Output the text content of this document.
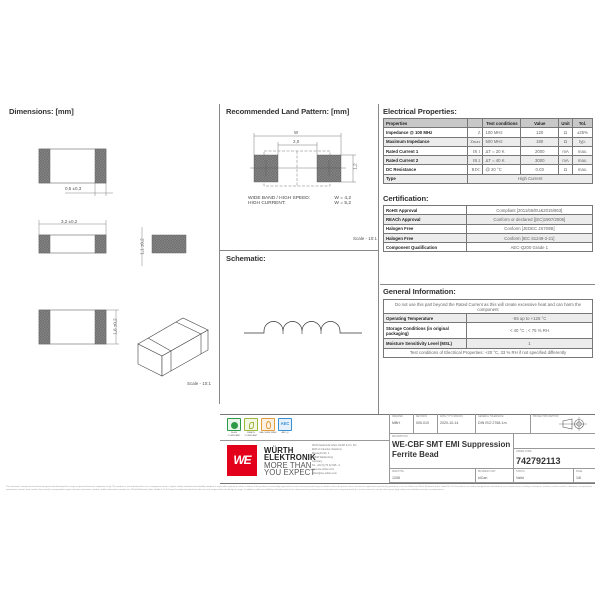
Dimensions: [mm]
0,5 ±0,3
3,2 ±0,2
1,1 ±0,2
1,6 ±0,2
Scale - 10:1
Recommended Land Pattern: [mm]
W
2,0
1,2
WIDE BAND / HIGH SPEED:	W = 4,2
HIGH CURRENT:	W = 5,2
Scale - 10:1
Schematic:
Electrical Properties:
Properties		Test conditions	Value	Unit	Tol.
Impedance @ 100 MHz	Z	100 MHz	120	Ω	±25%
Maximum Impedance	Zmax	500 MHz	180	Ω	typ.
Rated Current 1	IR 1	ΔT = 20 K	2000	mA	max.
Rated Current 2	IR 2	ΔT = 40 K	3000	mA	max.
DC Resistance	RDC	@ 20 °C	0.03	Ω	max.
Type	High Current				
Certification:
RoHS Approval	Compliant [2011/65/EU&2015/863]
REACh Approval	Conform or declared [(EC)1907/2006]
Halogen Free	Conform [JEDEC JS709B]
Halogen Free	Conform [IEC 61249-2-21]
Component Qualification	AEC-Q200 Grade 1
General Information:
Do not use this part beyond the Rated Current as this will create excessive heat and can harm the component	
Operating Temperature	-55 up to +125 °C
Storage Conditions (in original packaging)	< 40 °C ; < 75 % RH
Moisture Sensitivity Level (MSL)	1
Test conditions of Electrical Properties: +20 °C, 33 % RH if not specified differently	
RoHS COMPLIANT
REACH COMPLIANT
HALOGEN FREE
AEC
AEC-Q
WE
WÜRTH
ELEKTRONIK
MORE THAN
YOU EXPECT
Würth Elektronik eiSos GmbH & Co. KG
EMC & Inductive Solutions
Max-Eyth-Str. 1
74638 Waldenburg
Germany
Tel. +49 (0) 79 42 945 - 0
www.we-online.com
eiSos@we-online.com
CREATED
MBH
REVISION
005.010
DATE (YYYY-MM-DD)
2020-10-14
GENERAL TOLERANCE
DIN ISO 2768-1m
PROJECTION METHOD
DESCRIPTION
WE-CBF SMT EMI Suppression
Ferrite Bead	ORDER CODE
742792113
SIZE/TYPE
1206
BUSINESS UNIT
eiCan
STATUS
Valid
PAGE
1/6
This electronic component has been designed and developed for usage in general electronic equipment only. This product is not authorized for use in equipment where a higher safety standard and reliability standard is especially required or where a failure of the product is reasonably expected to cause severe personal injury or death, unless the parties have executed an agreement specifically governing such use. Moreover Würth Elektronik eiSos GmbH & Co KG products are neither designed nor intended for use in areas such as military, aerospace, aviation, nuclear control, submarine, transportation (automotive control, train control, ship control), transportation signal, disaster prevention, medical, public information network etc. Würth Elektronik eiSos GmbH & Co KG must be informed about the intent of such usage before the design-in stage. In addition, sufficient reliability evaluation checks for safety must be performed on every electronic component which is used in electrical circuits that require high safety and reliability functions or performance.
